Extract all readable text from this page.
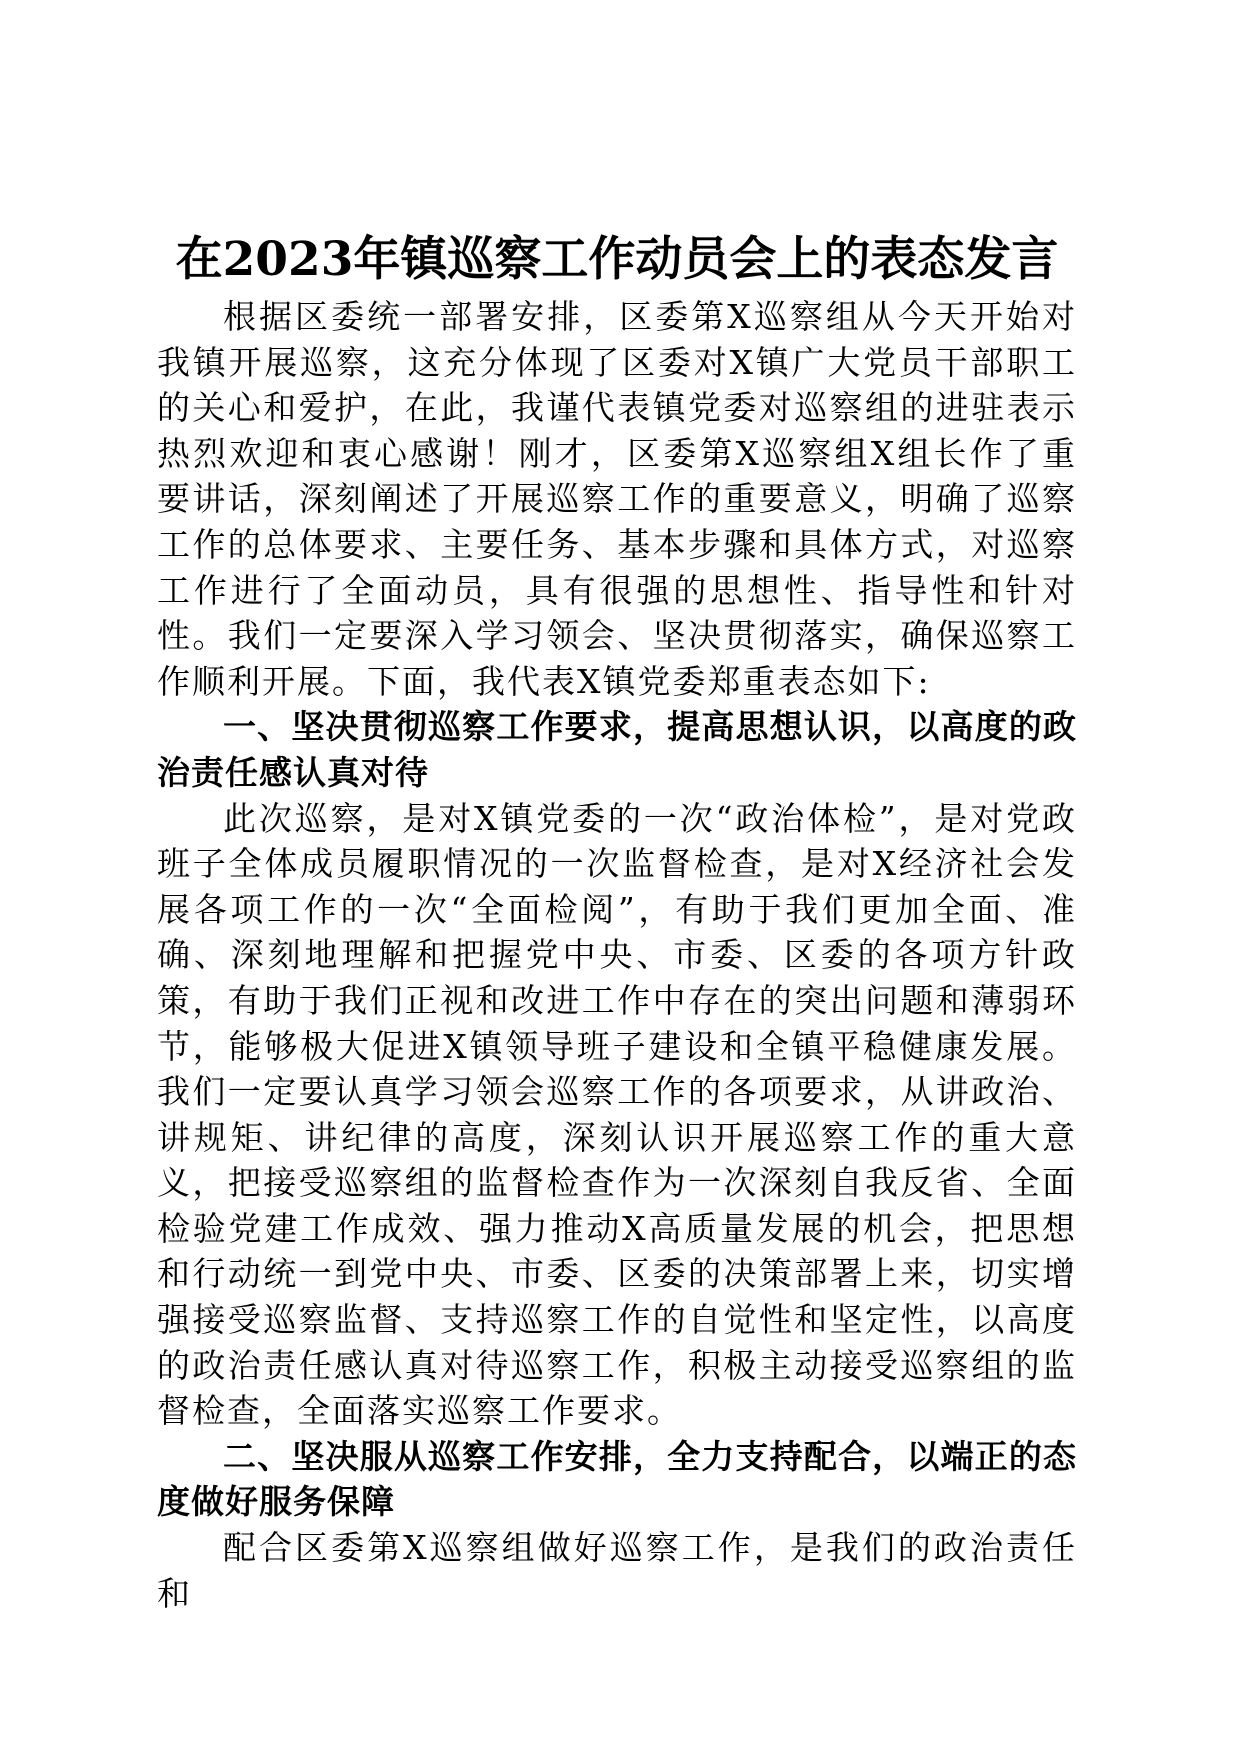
在2023年镇巡察工作动员会上的表态发言

根据区委统一部署安排，区委第X巡察组从今天开始对我镇开展巡察，这充分体现了区委对X镇广大党员干部职工的关心和爱护，在此，我谨代表镇党委对巡察组的进驻表示热烈欢迎和衷心感谢！刚才，区委第X巡察组X组长作了重要讲话，深刻阐述了开展巡察工作的重要意义，明确了巡察工作的总体要求、主要任务、基本步骤和具体方式，对巡察工作进行了全面动员，具有很强的思想性、指导性和针对性。我们一定要深入学习领会、坚决贯彻落实，确保巡察工作顺利开展。下面，我代表X镇党委郑重表态如下:

一、坚决贯彻巡察工作要求，提高思想认识，以高度的政治责任感认真对待

此次巡察，是对X镇党委的一次“政治体检”，是对党政班子全体成员履职情况的一次监督检查，是对X经济社会发展各项工作的一次“全面检阅”，有助于我们更加全面、准确、深刻地理解和把握党中央、市委、区委的各项方针政策，有助于我们正视和改进工作中存在的突出问题和薄弱环节，能够极大促进X镇领导班子建设和全镇平稳健康发展。我们一定要认真学习领会巡察工作的各项要求，从讲政治、讲规矩、讲纪律的高度，深刻认识开展巡察工作的重大意义，把接受巡察组的监督检查作为一次深刻自我反省、全面检验党建工作成效、强力推动X高质量发展的机会，把思想和行动统一到党中央、市委、区委的决策部署上来，切实增强接受巡察监督、支持巡察工作的自觉性和坚定性，以高度的政治责任感认真对待巡察工作，积极主动接受巡察组的监督检查，全面落实巡察工作要求。

二、坚决服从巡察工作安排，全力支持配合，以端正的态度做好服务保障

配合区委第X巡察组做好巡察工作，是我们的政治责任和
